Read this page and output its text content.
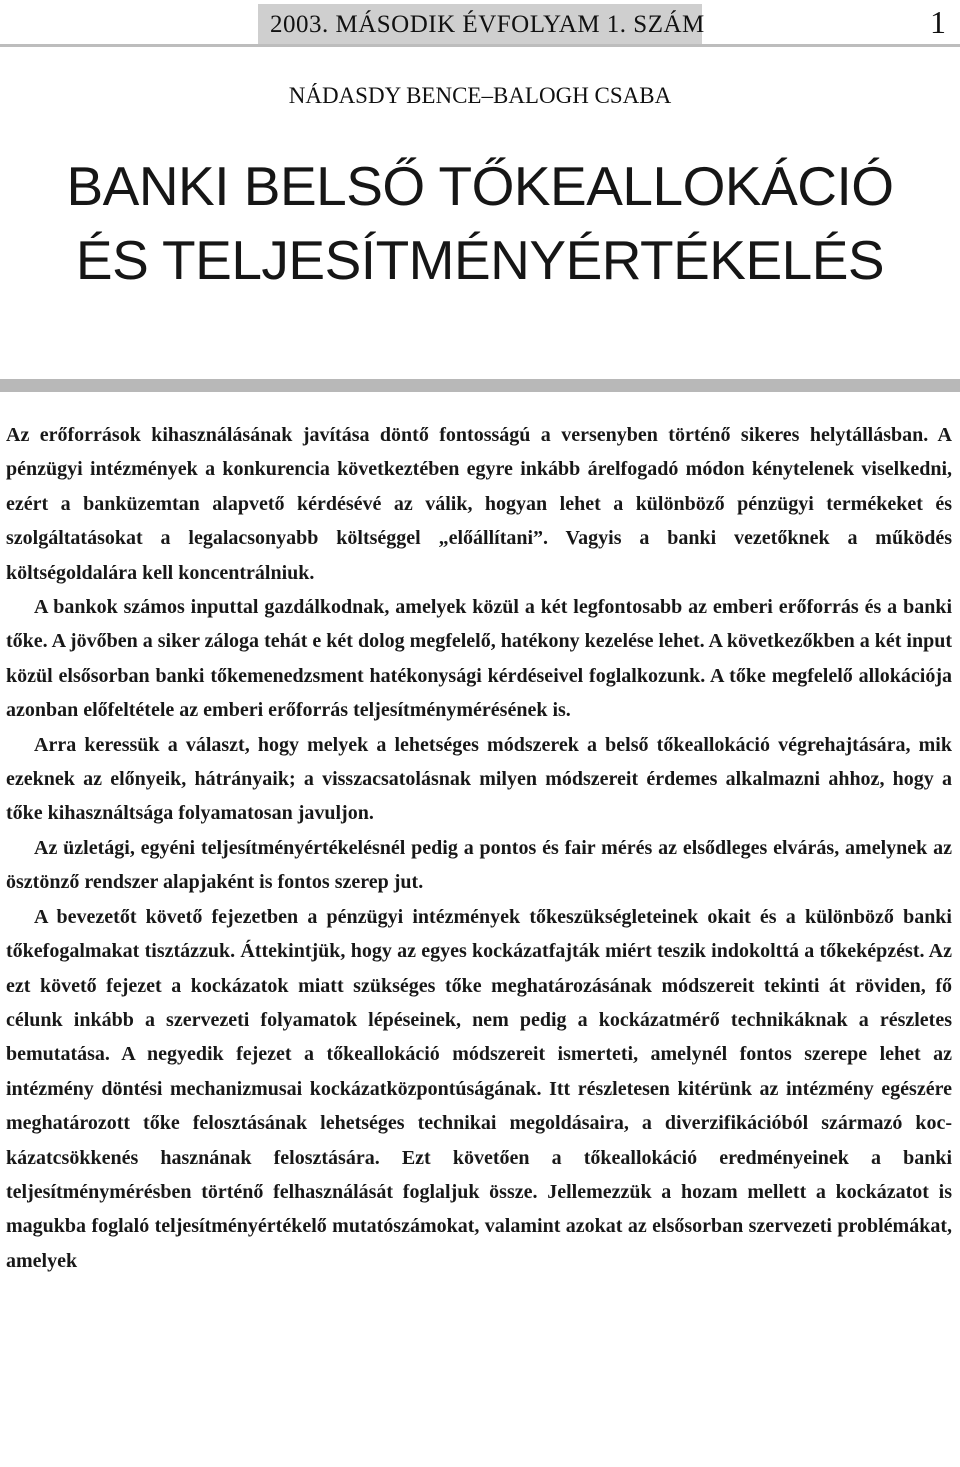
2003. MÁSODIK ÉVFOLYAM 1. SZÁM	1
NÁDASDY BENCE–BALOGH CSABA
BANKI BELSŐ TŐKEALLOKÁCIÓ
ÉS TELJESÍTMÉNYÉRTÉKELÉS

Az erőforrások kihasználásának javítása döntő fontosságú a versenyben történő sikeres helytállásban. A pénzügyi intézmények a konkurencia következtében egyre inkább árelfogadó módon kénytelenek viselkedni, ezért a banküzemtan alapvető kérdésévé az válik, hogyan lehet a különböző pénzügyi termékeket és szolgáltatásokat a legalacsonyabb költséggel „előállítani”. Vagyis a banki vezetőknek a működés költségoldalára kell koncentrálniuk.

A bankok számos inputtal gazdálkodnak, amelyek közül a két legfontosabb az emberi erőforrás és a banki tőke. A jövőben a siker záloga tehát e két dolog megfelelő, hatékony kezelése lehet. A következőkben a két input közül elsősorban banki tőkemenedzsment hatékonysági kérdéseivel foglalkozunk. A tőke megfelelő allokációja azonban előfeltétele az emberi erőforrás teljesítménymérésének is.

Arra keressük a választ, hogy melyek a lehetséges módszerek a belső tőkeallokáció végrehajtására, mik ezeknek az előnyeik, hátrányaik; a visszacsatolásnak milyen módszereit érdemes alkalmazni ahhoz, hogy a tőke kihasználtsága folyamatosan javuljon.

Az üzletági, egyéni teljesítményértékelésnél pedig a pontos és fair mérés az elsődleges elvárás, amelynek az ösztönző rendszer alapjaként is fontos szerep jut.

A bevezetőt követő fejezetben a pénzügyi intézmények tőkeszükségleteinek okait és a különböző banki tőkefogalmakat tisztázzuk. Áttekintjük, hogy az egyes kockázatfajták miért teszik indokolttá a tőkeképzést. Az ezt követő fejezet a kockázatok miatt szükséges tőke meghatározásának módszereit tekinti át röviden, fő célunk inkább a szervezeti folyamatok lépéseinek, nem pedig a kockázatmérő technikáknak a részletes bemutatása. A negyedik fejezet a tőkeallokáció módszereit ismerteti, amelynél fontos szerepe lehet az intézmény döntési mechanizmusai kockázatközpontúságának. Itt részletesen kitérünk az intézmény egészére meghatározott tőke felosztásának lehetséges technikai megoldásaira, a diverzifikációból származó kockázatcsökkenés hasznának felosztására. Ezt követően a tőkeallokáció eredményeinek a banki teljesítménymérésben történő felhasználását foglaljuk össze. Jellemezzük a hozam mellett a kockázatot is magukba foglaló teljesítményértékelő mutatószámokat, valamint azokat az elsősorban szervezeti problémákat, amelyek
